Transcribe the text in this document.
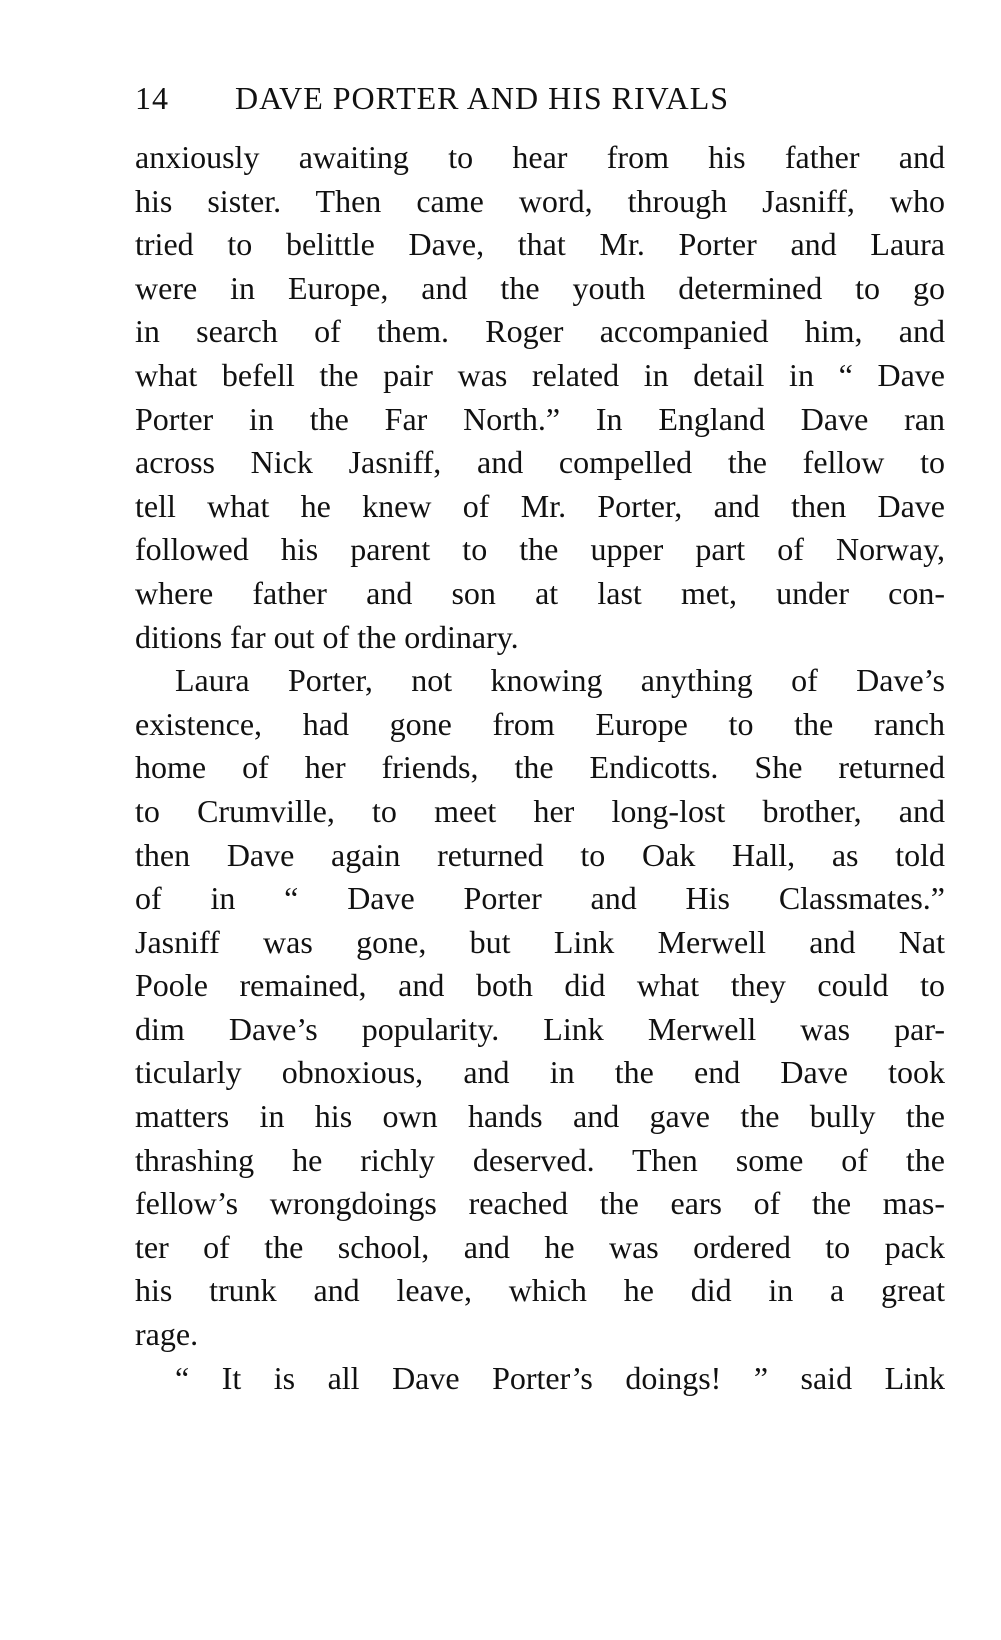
14 DAVE PORTER AND HIS RIVALS
anxiously awaiting to hear from his father and
his sister. Then came word, through Jasniff, who
tried to belittle Dave, that Mr. Porter and Laura
were in Europe, and the youth determined to go
in search of them. Roger accompanied him, and
what befell the pair was related in detail in “ Dave
Porter in the Far North.” In England Dave ran
across Nick Jasniff, and compelled the fellow to
tell what he knew of Mr. Porter, and then Dave
followed his parent to the upper part of Norway,
where father and son at last met, under con-
ditions far out of the ordinary.
Laura Porter, not knowing anything of Dave’s
existence, had gone from Europe to the ranch
home of her friends, the Endicotts. She returned
to Crumville, to meet her long-lost brother, and
then Dave again returned to Oak Hall, as told
of in “ Dave Porter and His Classmates.”
Jasniff was gone, but Link Merwell and Nat
Poole remained, and both did what they could to
dim Dave’s popularity. Link Merwell was par-
ticularly obnoxious, and in the end Dave took
matters in his own hands and gave the bully the
thrashing he richly deserved. Then some of the
fellow’s wrongdoings reached the ears of the mas-
ter of the school, and he was ordered to pack
his trunk and leave, which he did in a great
rage.
“ It is all Dave Porter’s doings! ” said Link
